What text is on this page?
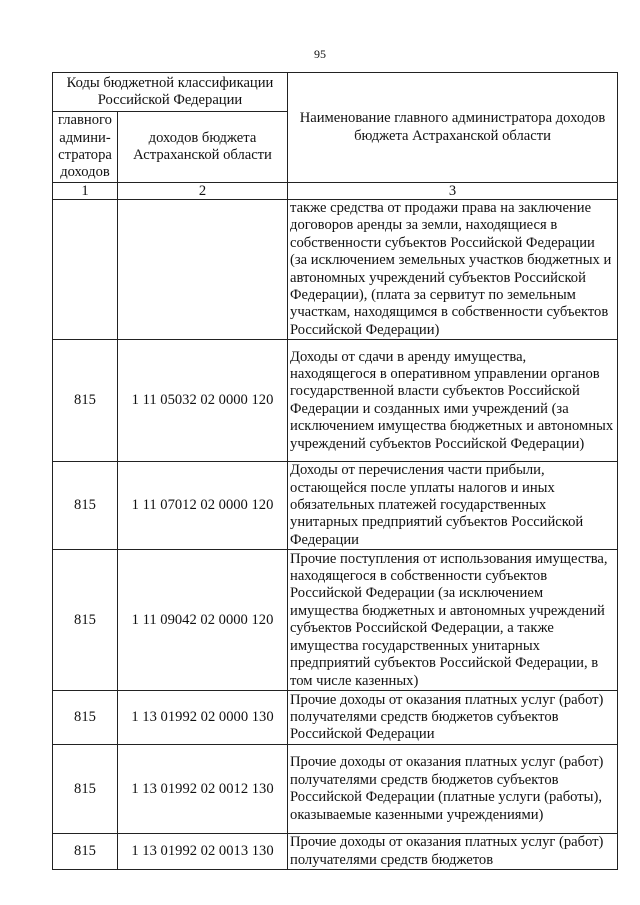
95
Коды бюджетной классификации Российской Федерации		Наименование главного администратора доходов бюджета Астраханской области
главного админи-стратора доходов	доходов бюджета Астраханской области	
1	2	3
		также средства от продажи права на заключение договоров аренды за земли, находящиеся в собственности субъектов Российской Федерации (за исключением земельных участков бюджетных и автономных учреждений субъектов Российской Федерации), (плата за сервитут по земельным участкам, находящимся в собственности субъектов Российской Федерации)
815	1 11 05032 02 0000 120	Доходы от сдачи в аренду имущества, находящегося в оперативном управлении органов государственной власти субъектов Российской Федерации и созданных ими учреждений (за исключением имущества бюджетных и автономных учреждений субъектов Российской Федерации)
815	1 11 07012 02 0000 120	Доходы от перечисления части прибыли, остающейся после уплаты налогов и иных обязательных платежей государственных унитарных предприятий субъектов Российской Федерации
815	1 11 09042 02 0000 120	Прочие поступления от использования имущества, находящегося в собственности субъектов Российской Федерации (за исключением имущества бюджетных и автономных учреждений субъектов Российской Федерации, а также имущества государственных унитарных предприятий субъектов Российской Федерации, в том числе казенных)
815	1 13 01992 02 0000 130	Прочие доходы от оказания платных услуг (работ) получателями средств бюджетов субъектов Российской Федерации
815	1 13 01992 02 0012 130	Прочие доходы от оказания платных услуг (работ) получателями средств бюджетов субъектов Российской Федерации (платные услуги (работы), оказываемые казенными учреждениями)
815	1 13 01992 02 0013 130	Прочие доходы от оказания платных услуг (работ) получателями средств бюджетов
